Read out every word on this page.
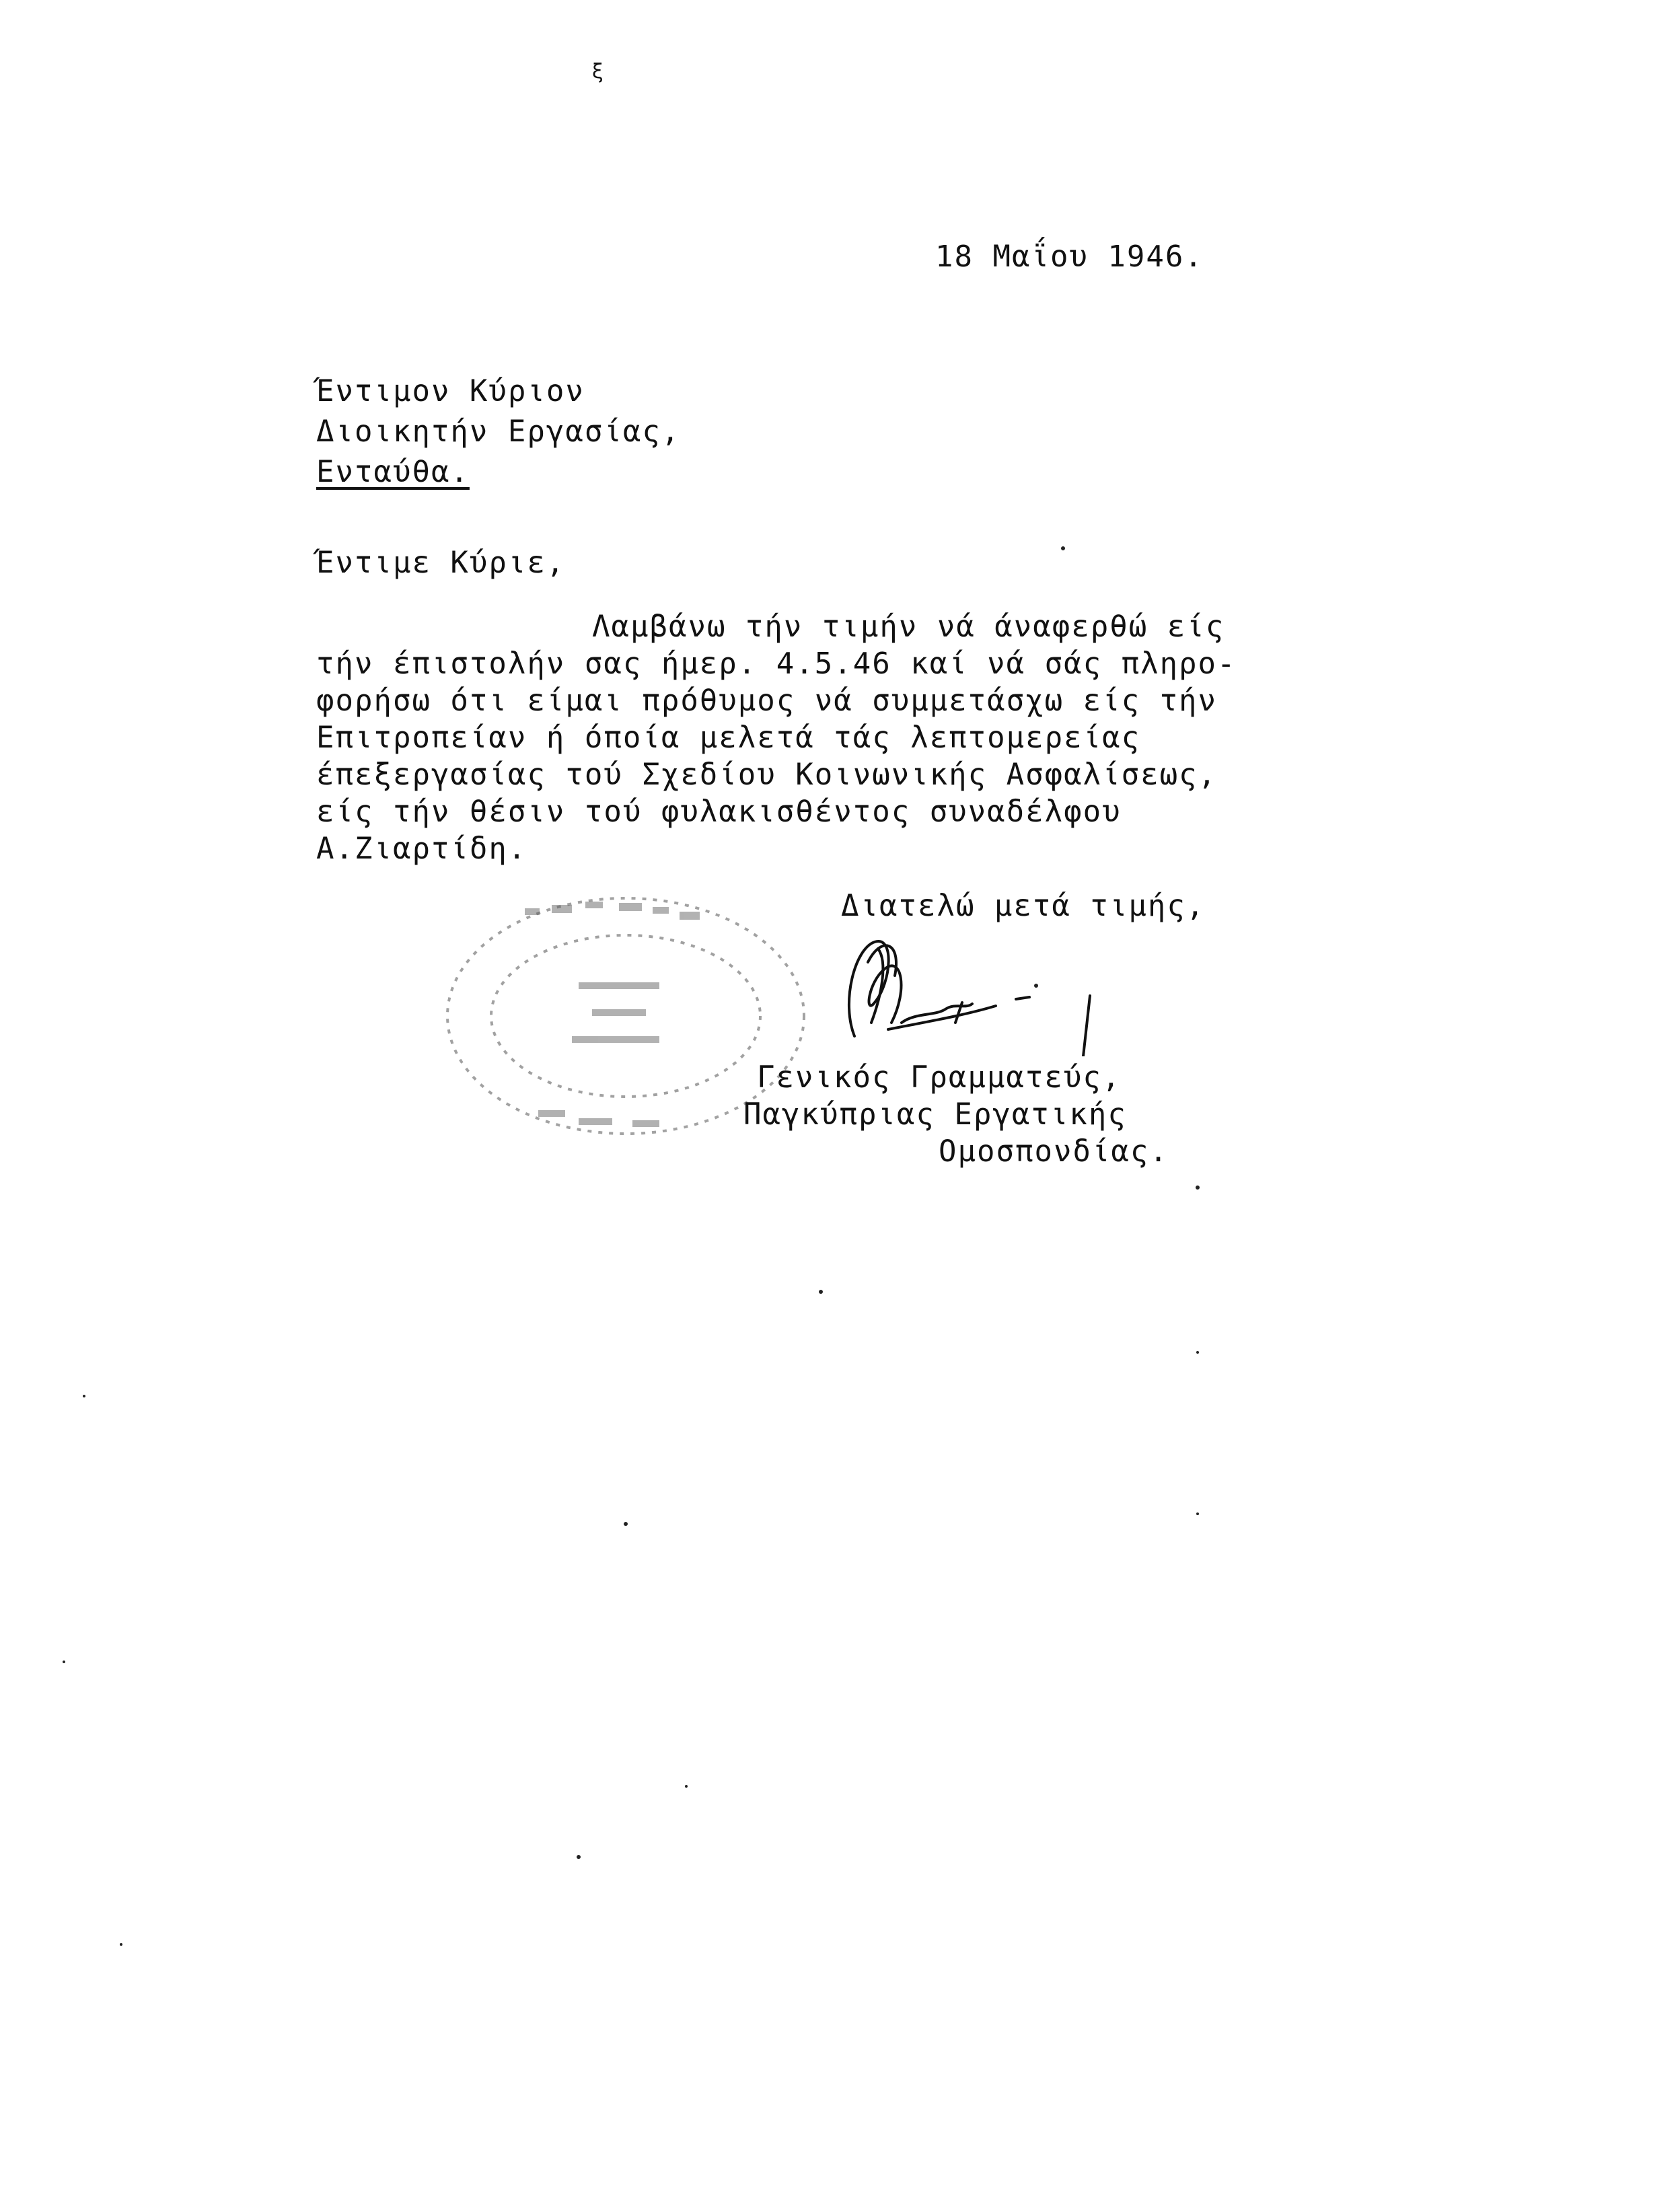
ξ
18 Μαΐου 1946.
Έντιμον Κύριον
Διοικητήν Εργασίας,
Ενταύθα.
Έντιμε Κύριε,
Λαμβάνω τήν τιμήν νά άναφερθώ είς
τήν έπιστολήν σας ήμερ. 4.5.46 καί νά σάς πληρο-
φορήσω ότι είμαι πρόθυμος νά συμμετάσχω είς τήν
Επιτροπείαν ή όποία μελετά τάς λεπτομερείας
έπεξεργασίας τού Σχεδίου Κοινωνικής Ασφαλίσεως,
είς τήν θέσιν τού φυλακισθέντος συναδέλφου
Α.Ζιαρτίδη.
Διατελώ μετά τιμής,
Γενικός Γραμματεύς,
Παγκύπριας Εργατικής
Ομοσπονδίας.
